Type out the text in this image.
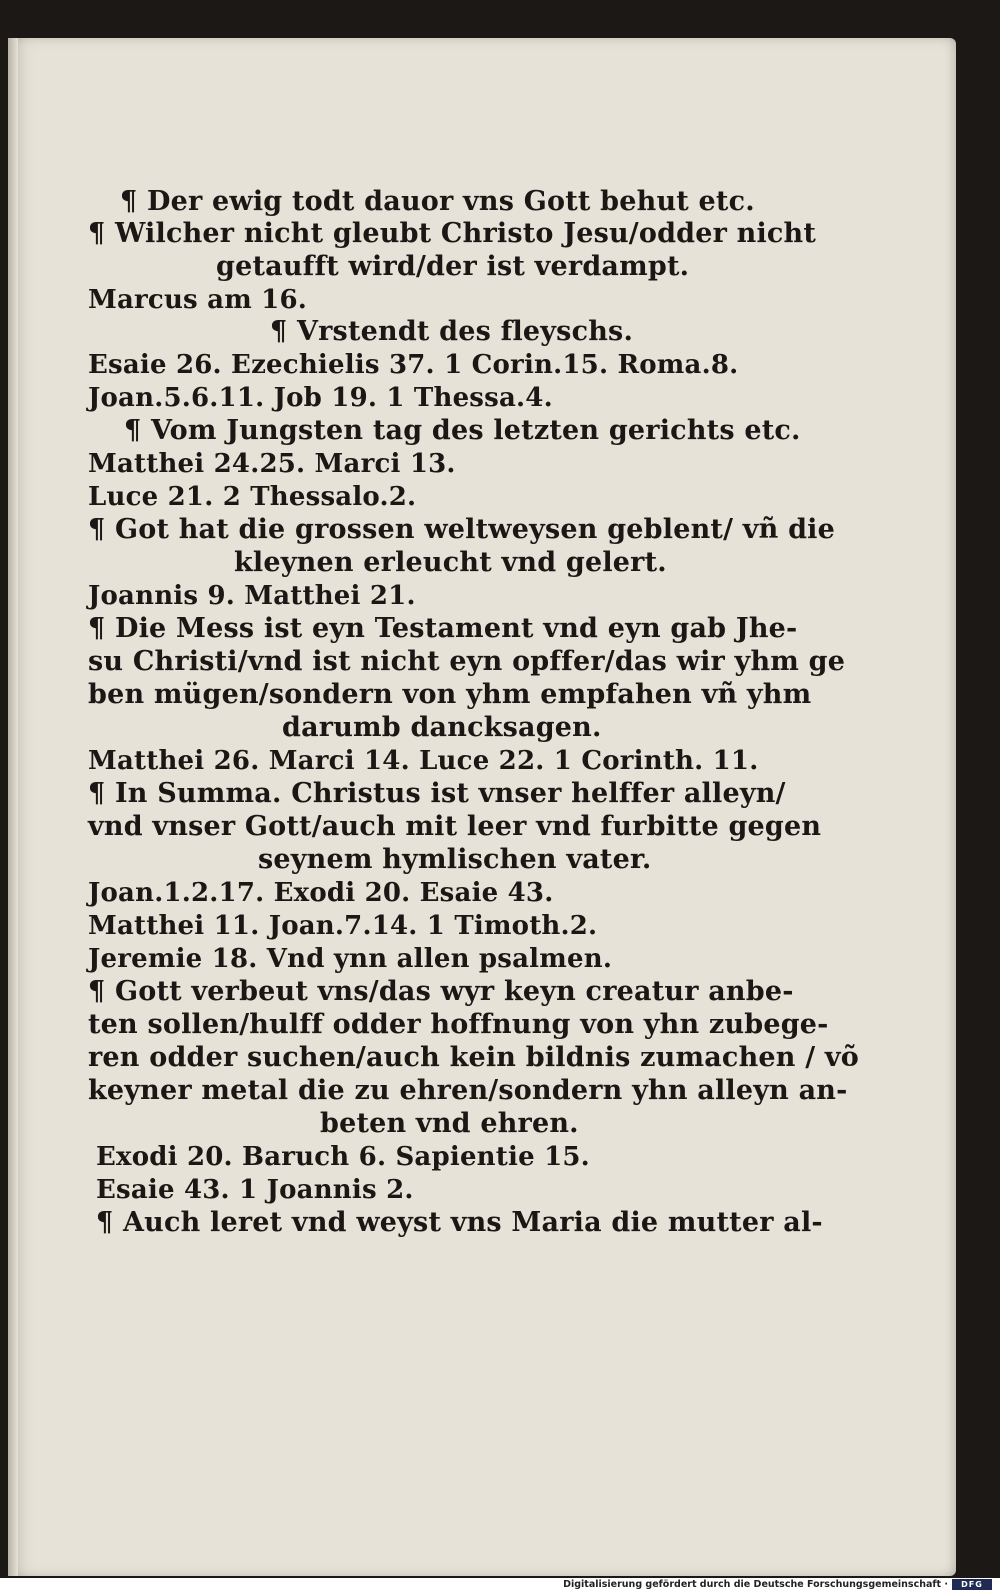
¶ Der ewig todt dauor vns Gott behut etc.
¶ Wilcher nicht gleubt Christo Jesu/odder nicht
getaufft wird/der ist verdampt.
Marcus am 16.
¶ Vrstendt des fleyschs.
Esaie 26. Ezechielis 37. 1 Corin.15. Roma.8.
Joan.5.6.11. Job 19. 1 Thessa.4.
¶ Vom Jungsten tag des letzten gerichts etc.
Matthei 24.25. Marci 13.
Luce 21. 2 Thessalo.2.
¶ Got hat die grossen weltweysen geblent/ vñ die
kleynen erleucht vnd gelert.
Joannis 9. Matthei 21.
¶ Die Mess ist eyn Testament vnd eyn gab Jhe-
su Christi/vnd ist nicht eyn opffer/das wir yhm ge
ben mügen/sondern von yhm empfahen vñ yhm
darumb dancksagen.
Matthei 26. Marci 14. Luce 22. 1 Corinth. 11.
¶ In Summa. Christus ist vnser helffer alleyn/
vnd vnser Gott/auch mit leer vnd furbitte gegen
seynem hymlischen vater.
Joan.1.2.17. Exodi 20. Esaie 43.
Matthei 11. Joan.7.14. 1 Timoth.2.
Jeremie 18. Vnd ynn allen psalmen.
¶ Gott verbeut vns/das wyr keyn creatur anbe-
ten sollen/hulff odder hoffnung von yhn zubege-
ren odder suchen/auch kein bildnis zumachen / võ
keyner metal die zu ehren/sondern yhn alleyn an-
beten vnd ehren.
Exodi 20. Baruch 6. Sapientie 15.
Esaie 43. 1 Joannis 2.
¶ Auch leret vnd weyst vns Maria die mutter al-
Digitalisierung gefördert durch die Deutsche Forschungsgemeinschaft ·	DFG
